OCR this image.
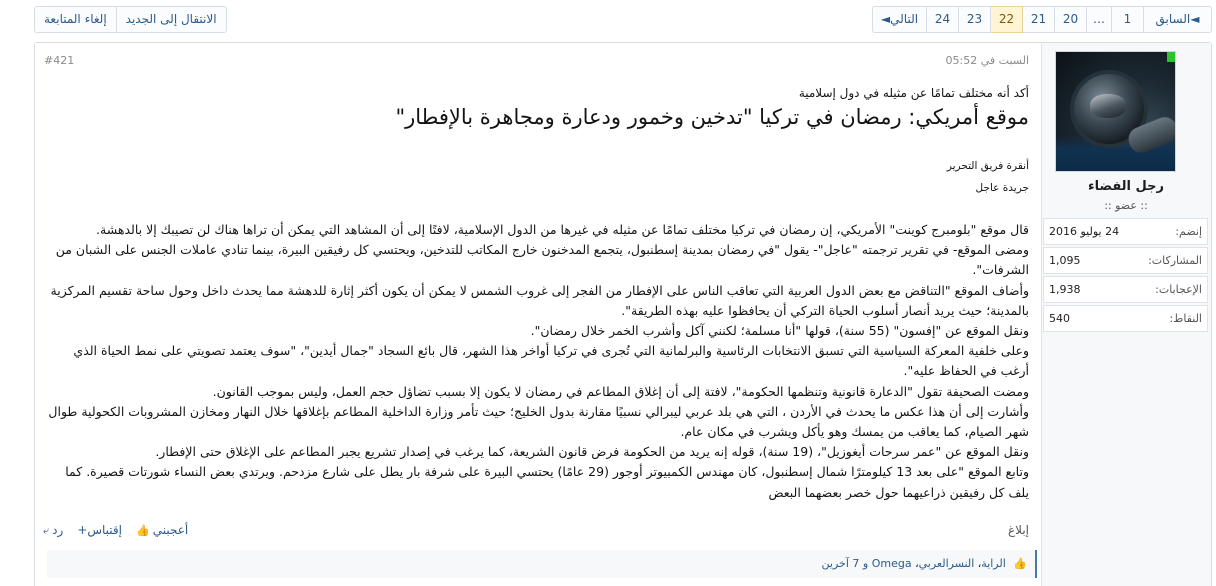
◄السابق
1
…
20
21
22
23
24
التالي◄
الانتقال إلى الجديد
إلغاء المتابعة
رجل الفضاء
:: عضو ::
إنضم:
24 يوليو 2016
المشاركات:
1,095
الإعجابات:
1,938
النقاط:
540
السبت في 05:52
#421
أكد أنه مختلف تمامًا عن مثيله في دول إسلامية
موقع أمريكي: رمضان في تركيا "تدخين وخمور ودعارة ومجاهرة بالإفطار"
أنقرة فريق التحرير
جريدة عاجل

قال موقع "بلومبرج كوينت" الأمريكي، إن رمضان في تركيا مختلف تمامًا عن مثيله في غيرها من الدول الإسلامية، لافتًا إلى أن المشاهد التي يمكن أن تراها هناك لن تصيبك إلا بالدهشة.

ومضى الموقع- في تقرير ترجمته "عاجل"- يقول "في رمضان بمدينة إسطنبول، يتجمع المدخنون خارج المكاتب للتدخين، ويحتسي كل رفيقين البيرة، بينما تنادي عاملات الجنس على الشبان من الشرفات".

وأضاف الموقع "التناقض مع بعض الدول العربية التي تعاقب الناس على الإفطار من الفجر إلى غروب الشمس لا يمكن أن يكون أكثر إثارة للدهشة مما يحدث داخل وحول ساحة تقسيم المركزية بالمدينة؛ حيث يريد أنصار أسلوب الحياة التركي أن يحافظوا عليه بهذه الطريقة".

ونقل الموقع عن "إفسون" (55 سنة)، قولها "أنا مسلمة؛ لكنني آكل وأشرب الخمر خلال رمضان".

وعلى خلفية المعركة السياسية التي تسبق الانتخابات الرئاسية والبرلمانية التي تُجرى في تركيا أواخر هذا الشهر، قال بائع السجاد "جمال أيدين"، "سوف يعتمد تصويتي على نمط الحياة الذي أرغب في الحفاظ عليه".

ومضت الصحيفة تقول "الدعارة قانونية وتنظمها الحكومة"، لافتة إلى أن إغلاق المطاعم في رمضان لا يكون إلا بسبب تضاؤل حجم العمل، وليس بموجب القانون.

وأشارت إلى أن هذا عكس ما يحدث في الأردن ، التي هي بلد عربي ليبرالي نسبيًا مقارنة بدول الخليج؛ حيث تأمر وزارة الداخلية المطاعم بإغلاقها خلال النهار ومخازن المشروبات الكحولية طوال شهر الصيام، كما يعاقب من يمسك وهو يأكل ويشرب في مكان عام.

ونقل الموقع عن "عمر سرحات أيغوزيل"، (19 سنة)، قوله إنه يريد من الحكومة فرض قانون الشريعة، كما يرغب في إصدار تشريع يجبر المطاعم على الإغلاق حتى الإفطار.

وتابع الموقع "على بعد 13 كيلومترًا شمال إسطنبول، كان مهندس الكمبيوتر أوجور (29 عامًا) يحتسي البيرة على شرفة بار يطل على شارع مزدحم. ويرتدي بعض النساء شورتات قصيرة. كما يلف كل رفيقين ذراعيهما حول خصر بعضهما البعض

إبلاغ
⤶ رد +إقتباس 👍 أعجبني
👍 الراية، النسرالعربي، Omega و 7 آخرين
